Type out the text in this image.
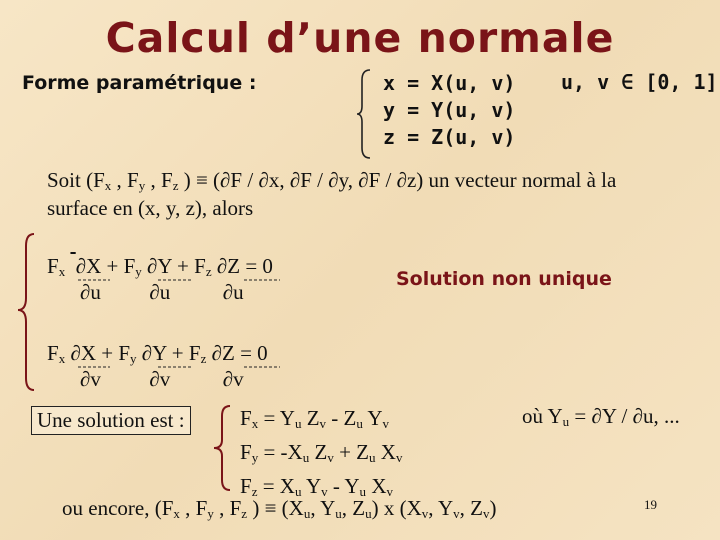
Calcul d’une normale
Forme paramétrique :	x = X(u, v)
y = Y(u, v)
z = Z(u, v)
u, v ∈ [0, 1]
Soit ($F_x$ , $F_y$ , $F_z$ ) ≡ (∂F / ∂x, ∂F / ∂y, ∂F / ∂z) un vecteur normal à la
surface en (x, y, z), alors
$F_x$ $\partial X + F_y$ $\partial Y + F_z$ ∂Z = 0
∂u ∂u	∂u
Solution non unique
$F_x$ $\partial X + F_y$ $\partial Y + F_z$ ∂Z = 0
∂v ∂v	∂v
Une solution est :	$F_x = Y_u$ $Z_v - Z_u$ $Y_v$
$F_y = -X_u$ $Z_v + Z_u$ $X_v$
$F_z = X_u$ $Y_v - Y_u$ $X_v$
où $Y_u = \partial Y / \partial u$, ...
ou encore, ($F_x$ , $F_y$ , $F_z$ ) ≡ ($X_u$, $Y_u$, $Z_u$) x ($X_v$, $Y_v$, $Z_v$)	19
